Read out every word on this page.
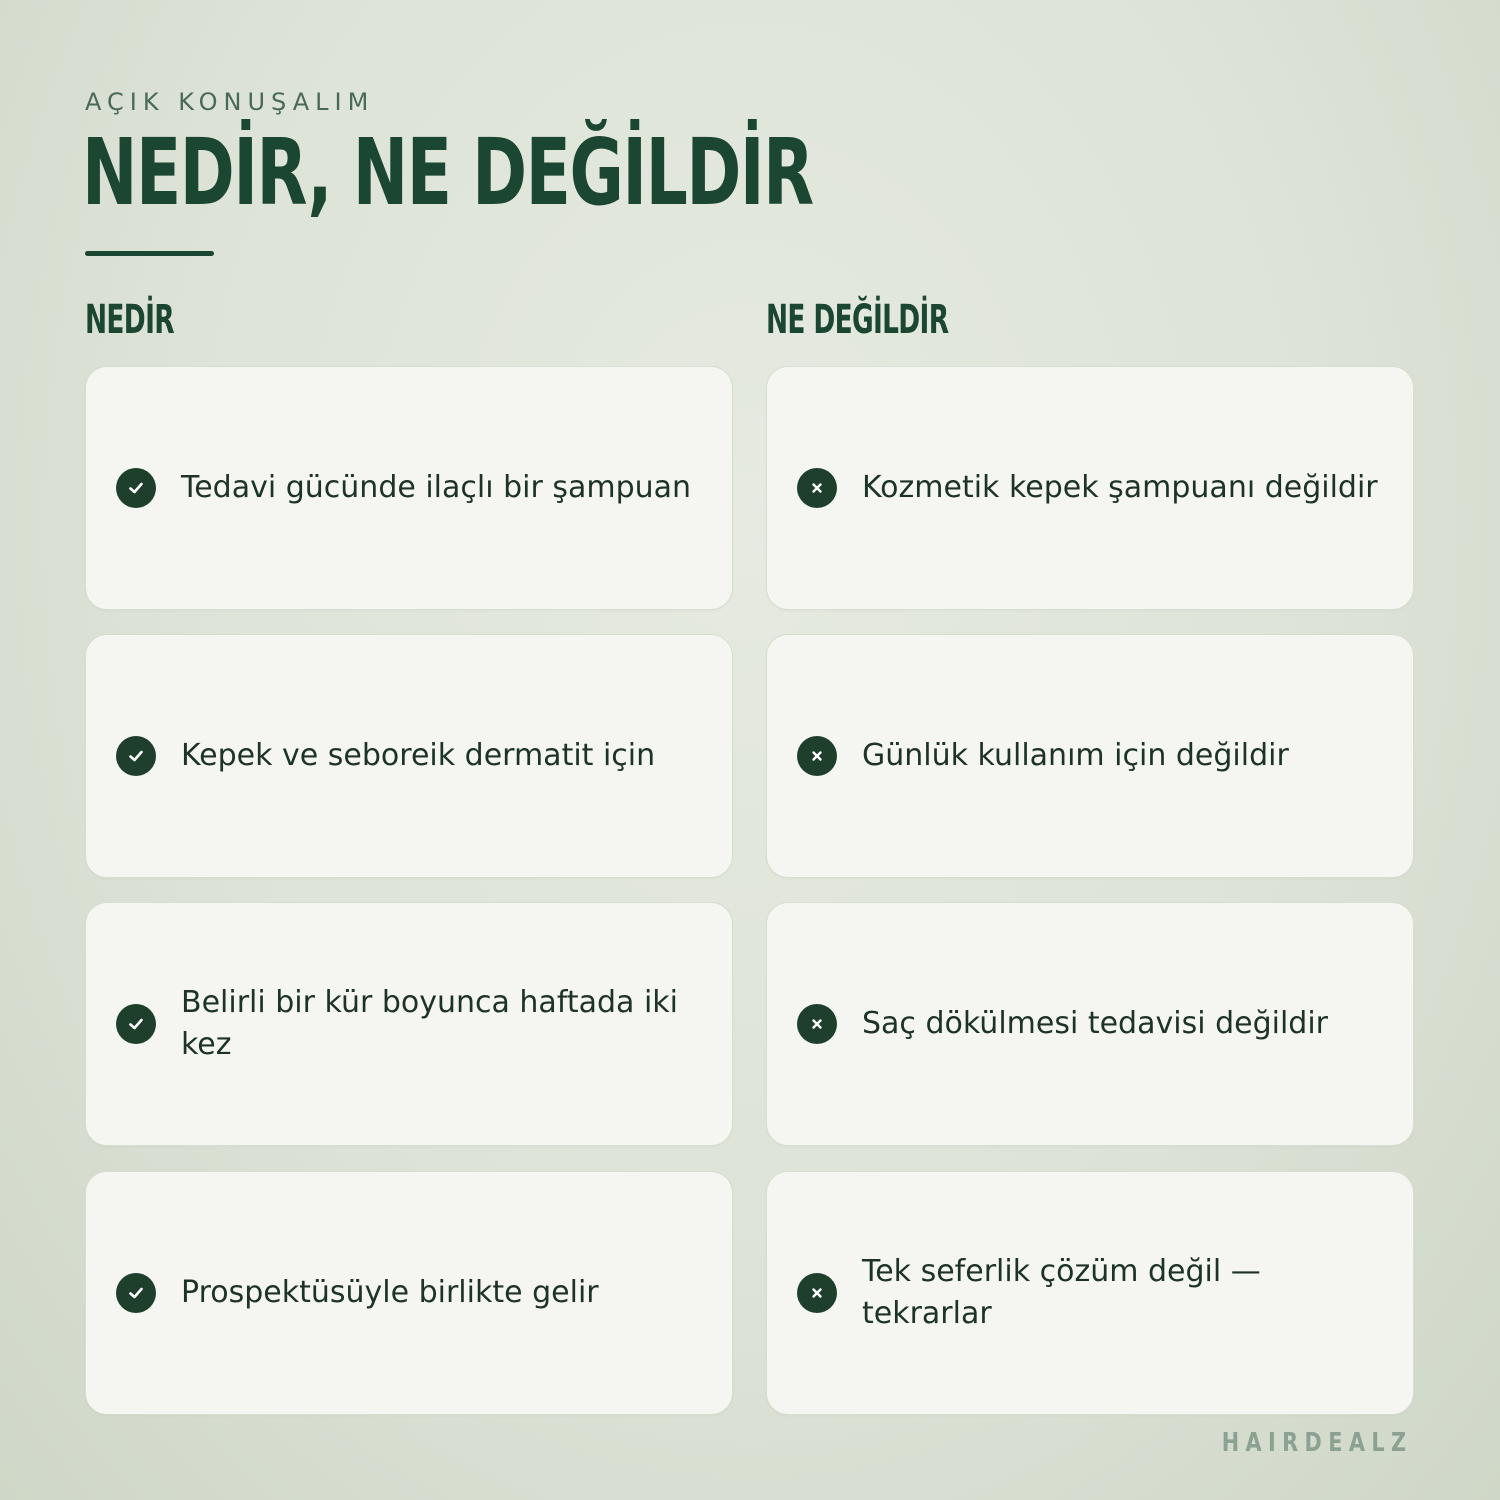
AÇIK KONUŞALIM
NEDİR, NE DEĞİLDİR
NEDİR	NE DEĞİLDİR
Tedavi gücünde ilaçlı bir şampuan
Kepek ve seboreik dermatit için
Belirli bir kür boyunca haftada iki kez
Prospektüsüyle birlikte gelir
Kozmetik kepek şampuanı değildir
Günlük kullanım için değildir
Saç dökülmesi tedavisi değildir
Tek seferlik çözüm değil — tekrarlar
HAIRDEALZ
